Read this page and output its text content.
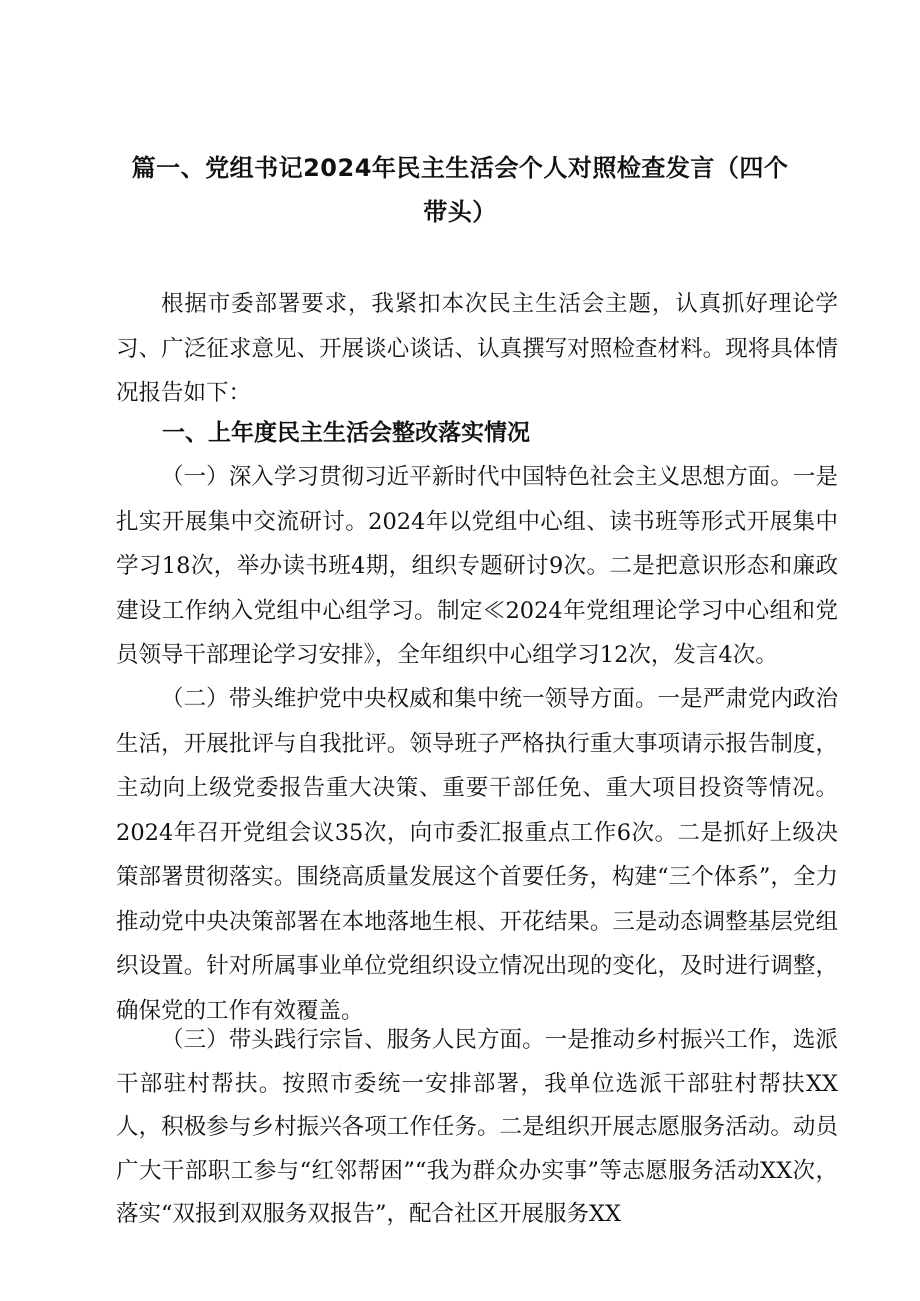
篇一、党组书记2024年民主生活会个人对照检查发言（四个带头）

根据市委部署要求，我紧扣本次民主生活会主题，认真抓好理论学习、广泛征求意见、开展谈心谈话、认真撰写对照检查材料。现将具体情况报告如下：

一、上年度民主生活会整改落实情况

（一）深入学习贯彻习近平新时代中国特色社会主义思想方面。一是扎实开展集中交流研讨。2024年以党组中心组、读书班等形式开展集中学习18次，举办读书班4期，组织专题研讨9次。二是把意识形态和廉政建设工作纳入党组中心组学习。制定≪2024年党组理论学习中心组和党员领导干部理论学习安排》，全年组织中心组学习12次，发言4次。

（二）带头维护党中央权威和集中统一领导方面。一是严肃党内政治生活，开展批评与自我批评。领导班子严格执行重大事项请示报告制度，主动向上级党委报告重大决策、重要干部任免、重大项目投资等情况。2024年召开党组会议35次，向市委汇报重点工作6次。二是抓好上级决策部署贯彻落实。围绕高质量发展这个首要任务，构建“三个体系”，全力推动党中央决策部署在本地落地生根、开花结果。三是动态调整基层党组织设置。针对所属事业单位党组织设立情况出现的变化，及时进行调整，确保党的工作有效覆盖。

（三）带头践行宗旨、服务人民方面。一是推动乡村振兴工作，选派干部驻村帮扶。按照市委统一安排部署，我单位选派干部驻村帮扶XX人，积极参与乡村振兴各项工作任务。二是组织开展志愿服务活动。动员广大干部职工参与“红邻帮困”“我为群众办实事”等志愿服务活动XX次，落实“双报到双服务双报告”，配合社区开展服务XX
